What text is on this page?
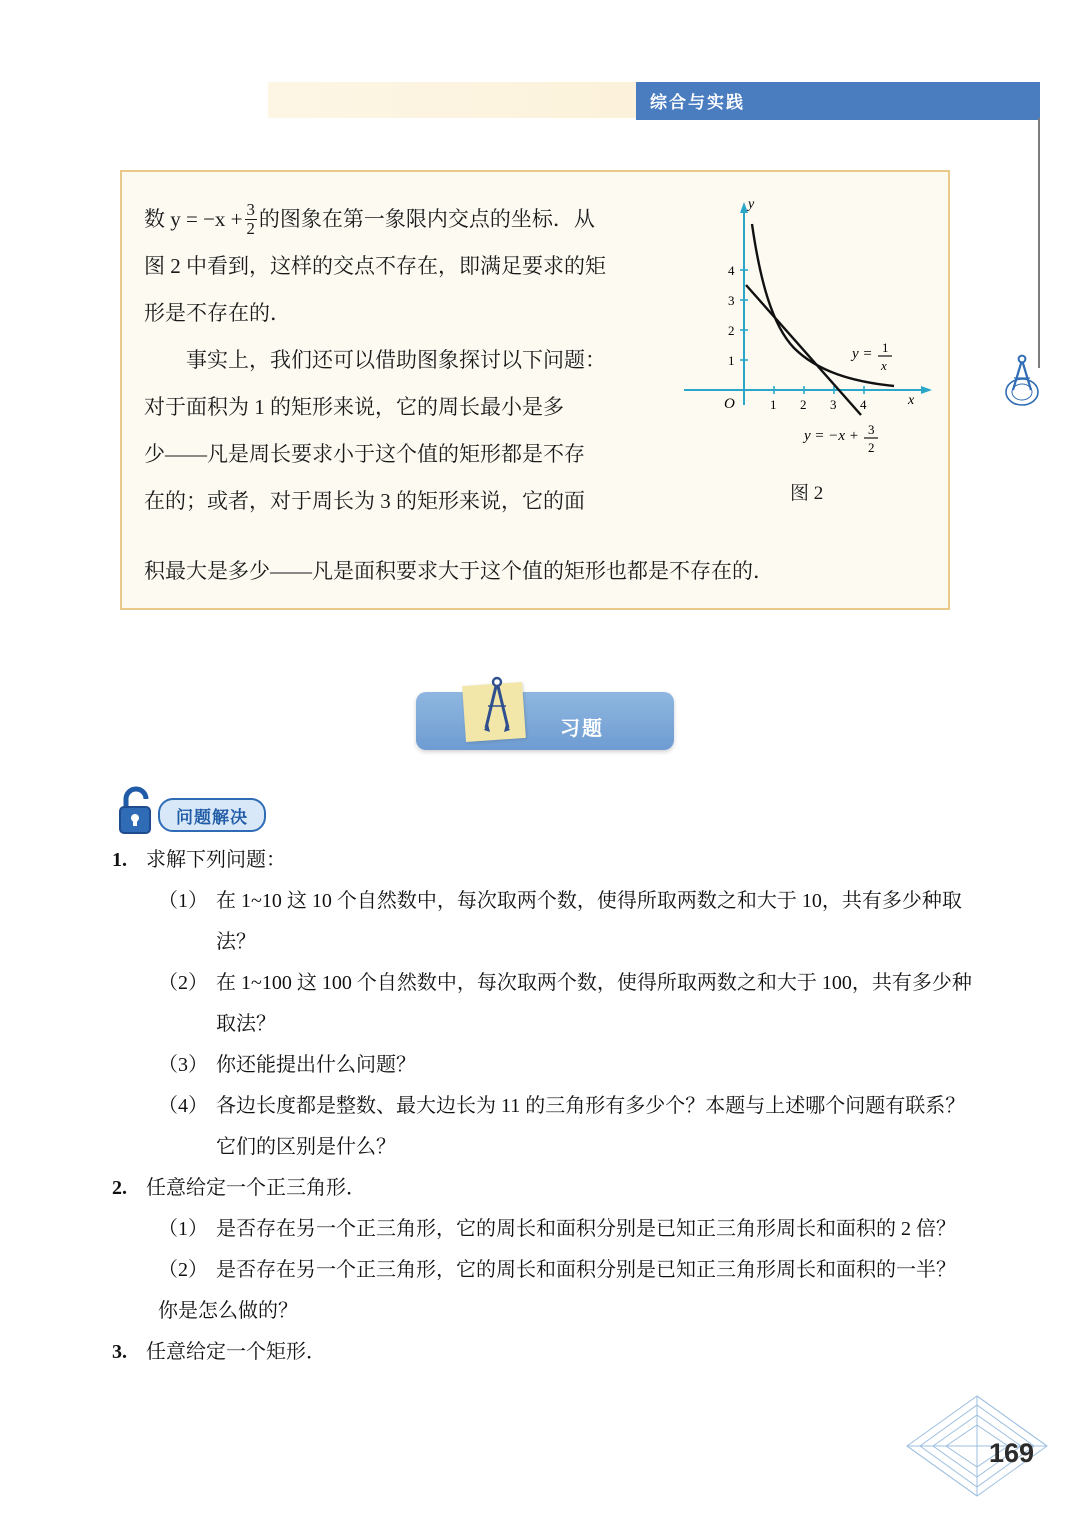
综合与实践

数 $y = -x + \frac{3}{2}$ 的图象在第一象限内交点的坐标．从

图 2 中看到，这样的交点不存在，即满足要求的矩

形是不存在的．

事实上，我们还可以借助图象探讨以下问题：

对于面积为 1 的矩形来说，它的周长最小是多

少——凡是周长要求小于这个值的矩形都是不存

在的；或者，对于周长为 3 的矩形来说，它的面

积最大是多少——凡是面积要求大于这个值的矩形也都是不存在的．
y
x
O	1 2 3 4
1
2
3
4
y = 1
x
y = −x + 3
2
图 2
习题
问题解决
1. 求解下列问题：
（1） 在 1~10 这 10 个自然数中，每次取两个数，使得所取两数之和大于 10，共有多少种取法？
（2） 在 1~100 这 100 个自然数中，每次取两个数，使得所取两数之和大于 100，共有多少种取法？
（3） 你还能提出什么问题？
（4） 各边长度都是整数、最大边长为 11 的三角形有多少个？本题与上述哪个问题有联系？它们的区别是什么？
2. 任意给定一个正三角形．
（1） 是否存在另一个正三角形，它的周长和面积分别是已知正三角形周长和面积的 2 倍？
（2） 是否存在另一个正三角形，它的周长和面积分别是已知正三角形周长和面积的一半？
你是怎么做的？
3. 任意给定一个矩形．
169
